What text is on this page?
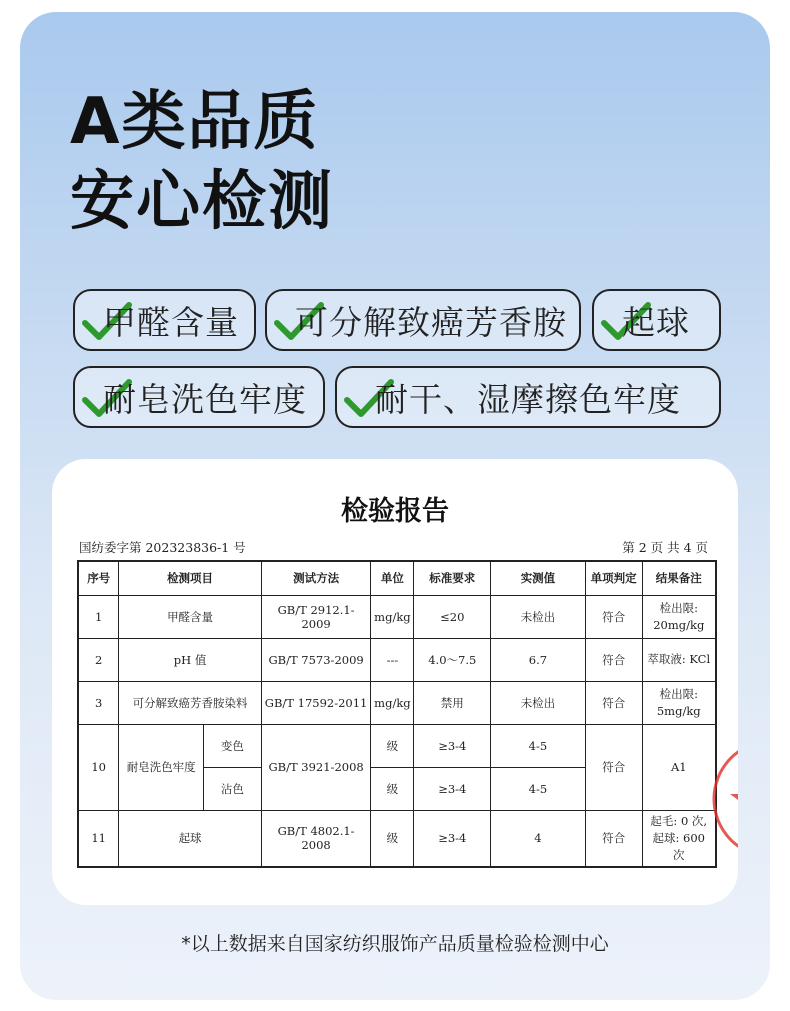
A类品质
安心检测
甲醛含量 可分解致癌芳香胺 起球
耐皂洗色牢度 耐干、湿摩擦色牢度
检验报告
国纺委字第 202323836-1 号	第 2 页 共 4 页
序号	检测项目		测试方法	单位	标准要求	实测值	单项判定	结果备注
1	甲醛含量		GB/T 2912.1-2009	mg/kg	≤20	未检出	符合	检出限:
20mg/kg
2	pH 值		GB/T 7573-2009	---	4.0～7.5	6.7	符合	萃取液: KCl
3	可分解致癌芳香胺染料		GB/T 17592-2011	mg/kg	禁用	未检出	符合	检出限:
5mg/kg
10	耐皂洗色牢度	变色	GB/T 3921-2008	级	≥3-4	4-5	符合	A1
		沾色		级	≥3-4	4-5		
11	起球		GB/T 4802.1-2008	级	≥3-4	4	符合	起毛: 0 次,
起球: 600
次
*以上数据来自国家纺织服饰产品质量检验检测中心
